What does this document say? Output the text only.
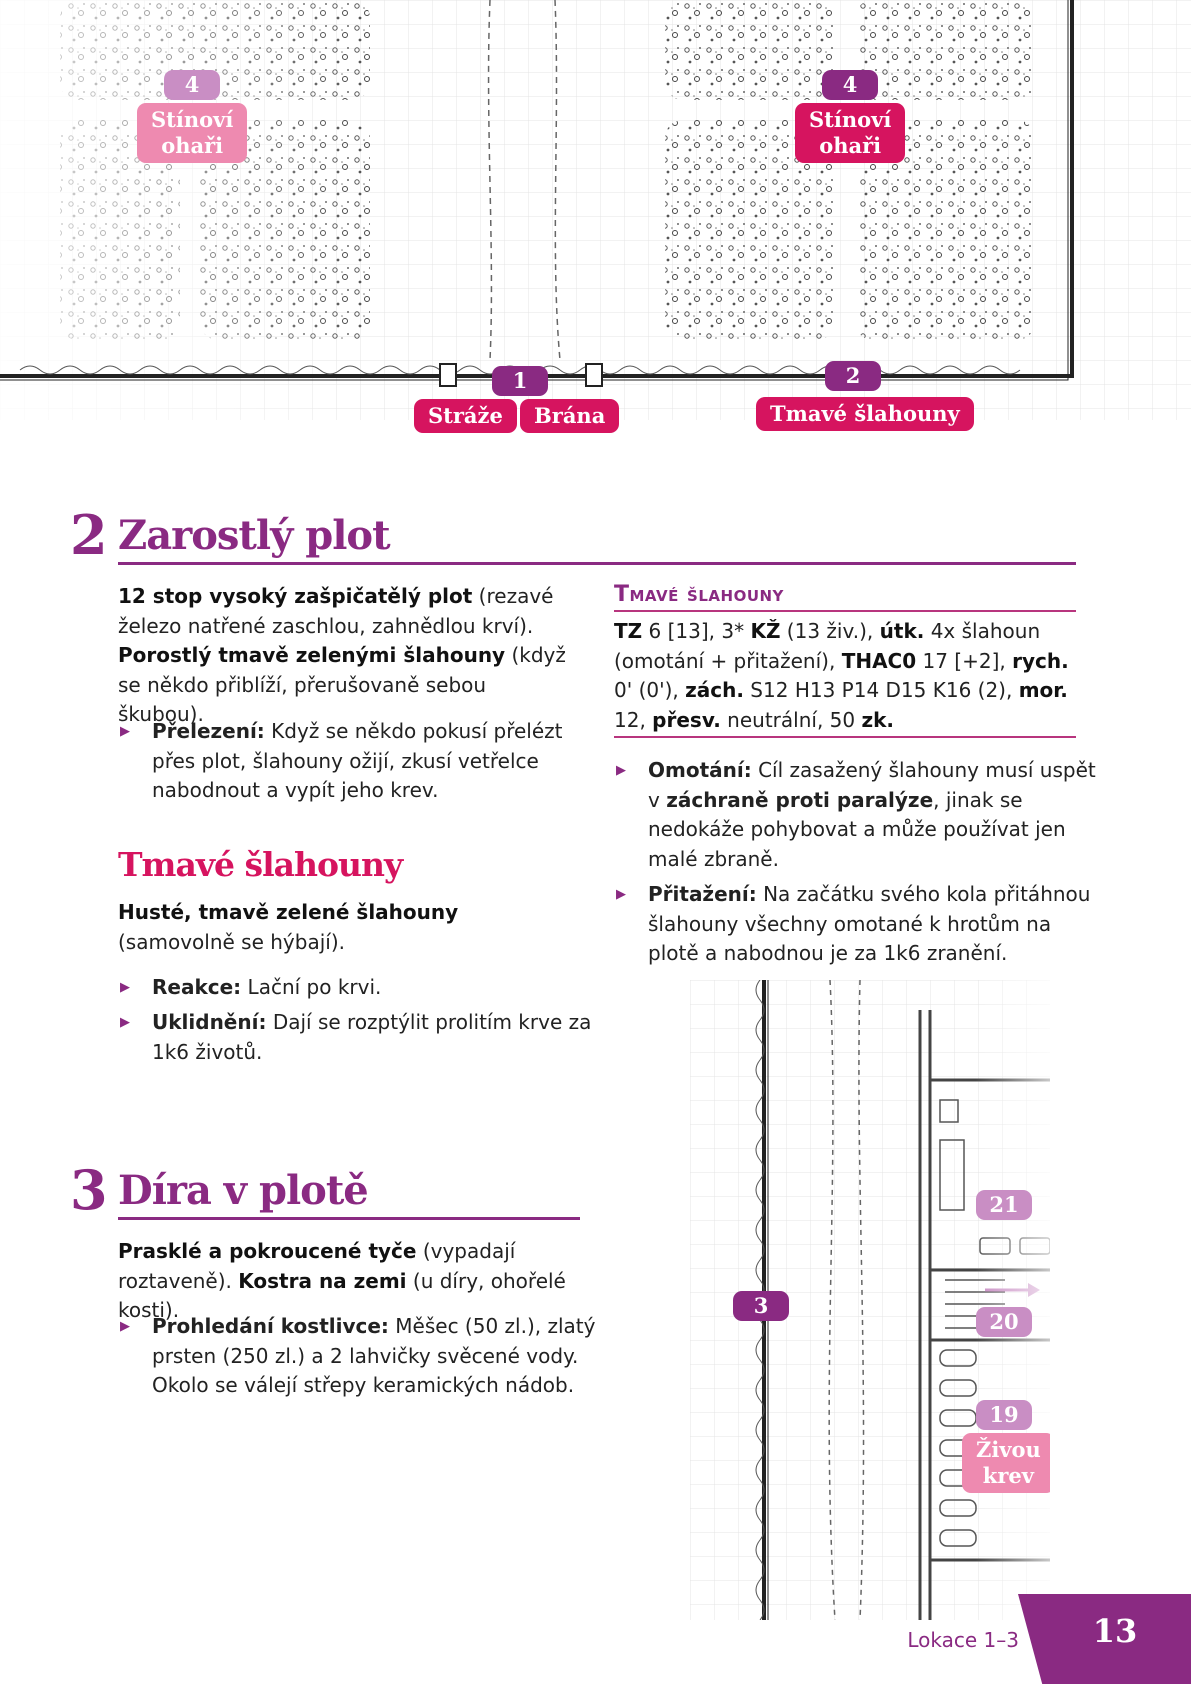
4
Stínoví
ohaři
4
Stínoví
ohaři
1
Stráže	Brána
2
Tmavé šlahouny
2 Zarostlý plot
12 stop vysoký zašpičatělý plot (rezavé železo natřené zaschlou, zahnědlou krví). Porostlý tmavě zelenými šlahouny (když se někdo přiblíží, přerušovaně sebou škubou).
▶ Přelezení: Když se někdo pokusí přelézt přes plot, šlahouny ožijí, zkusí vetřelce nabodnout a vypít jeho krev.
Tmavé šlahouny
Husté, tmavě zelené šlahouny (samovolně se hýbají).
▶ Reakce: Lační po krvi.
▶ Uklidnění: Dají se rozptýlit prolitím krve za 1k6 životů.
Tmavé šlahouny
TZ 6 [13], 3* KŽ (13 živ.), útk. 4x šlahoun (omotání + přitažení), THAC0 17 [+2], rych. 0' (0'), zách. S12 H13 P14 D15 K16 (2), mor. 12, přesv. neutrální, 50 zk.
▶ Omotání: Cíl zasažený šlahouny musí uspět v záchraně proti paralýze, jinak se nedokáže pohybovat a může používat jen malé zbraně.
▶ Přitažení: Na začátku svého kola přitáhnou šlahouny všechny omotané k hrotům na plotě a nabodnou je za 1k6 zranění.
3 Díra v plotě
Prasklé a pokroucené tyče (vypadají roztaveně). Kostra na zemi (u díry, ohořelé kosti).
▶ Prohledání kostlivce: Měšec (50 zl.), zlatý prsten (250 zl.) a 2 lahvičky svěcené vody. Okolo se válejí střepy keramických nádob.
3
21
20
19
Živou
krev
13
Lokace 1–3
